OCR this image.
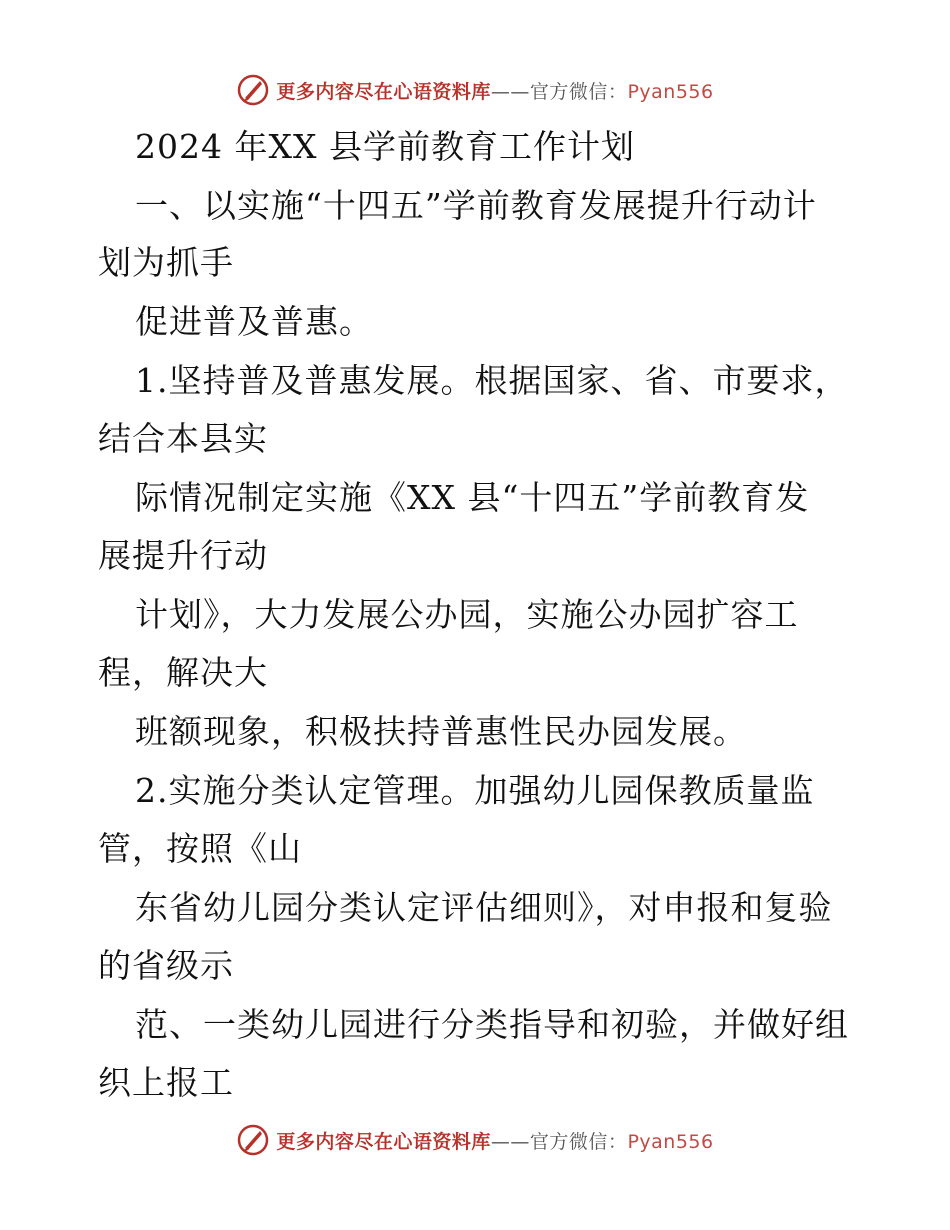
更多内容尽在心语资料库——官方微信：Pyan556
2024 年XX 县学前教育工作计划
一、以实施“十四五”学前教育发展提升行动计
划为抓手
促进普及普惠。
1.坚持普及普惠发展。根据国家、省、市要求，
结合本县实
际情况制定实施《XX 县“十四五”学前教育发
展提升行动
计划》，大力发展公办园，实施公办园扩容工
程，解决大
班额现象，积极扶持普惠性民办园发展。
2.实施分类认定管理。加强幼儿园保教质量监
管，按照《山
东省幼儿园分类认定评估细则》，对申报和复验
的省级示
范、一类幼儿园进行分类指导和初验，并做好组
织上报工
更多内容尽在心语资料库——官方微信：Pyan556
